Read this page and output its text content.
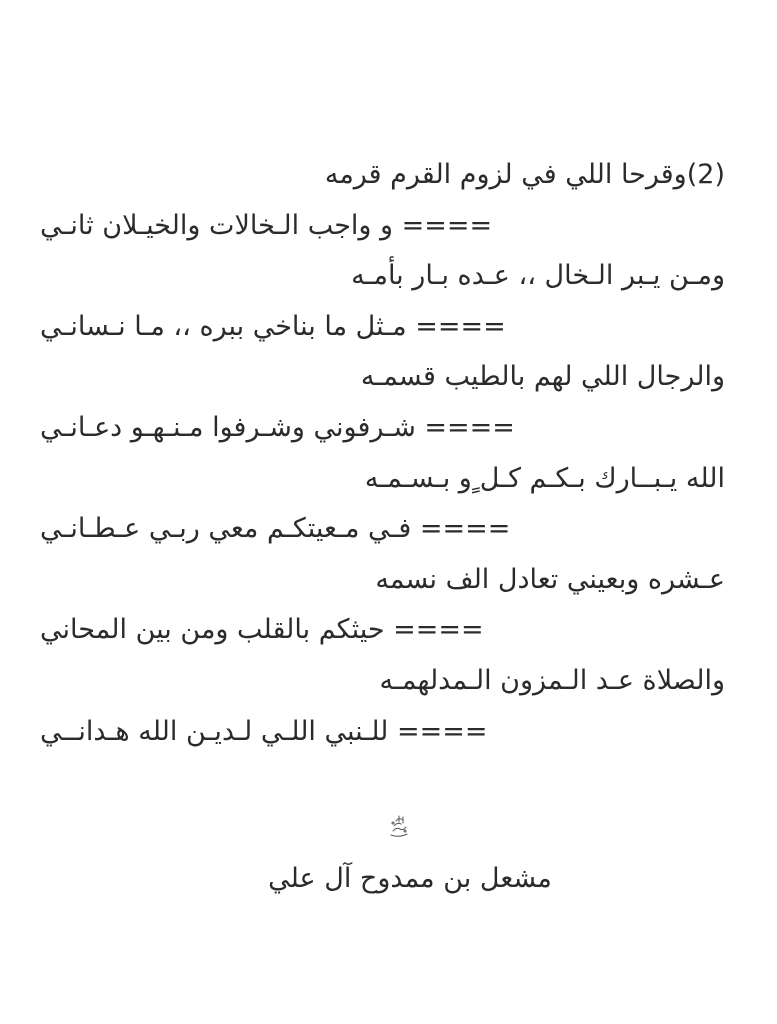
(2)وقرحا اللي في لزوم القرم قرمه
==== و واجب الـخالات والخيـلان ثانـي
ومـن يـبر الـخال ،، عـده بـار بأمـه
==== مـثل ما بناخي ببره ،، مـا نـسانـي
والرجال اللي لهم بالطيب قسمـه
==== شـرفوني وشـرفوا مـنـهـو دعـانـي
الله يـبــارك بـكـم كـل ٍو بـسـمـه
==== فـي مـعيتكـم معي ربـي عـطـانـي
عـشره وبعيني تعادل الف نسمه
==== حيثكم بالقلب ومن بين المحاني
والصلاة عـد الـمزون الـمدلهمـه
==== للـنبي اللـي لـديـن الله هـدانــي
مشعل بن ممدوح آل علي
